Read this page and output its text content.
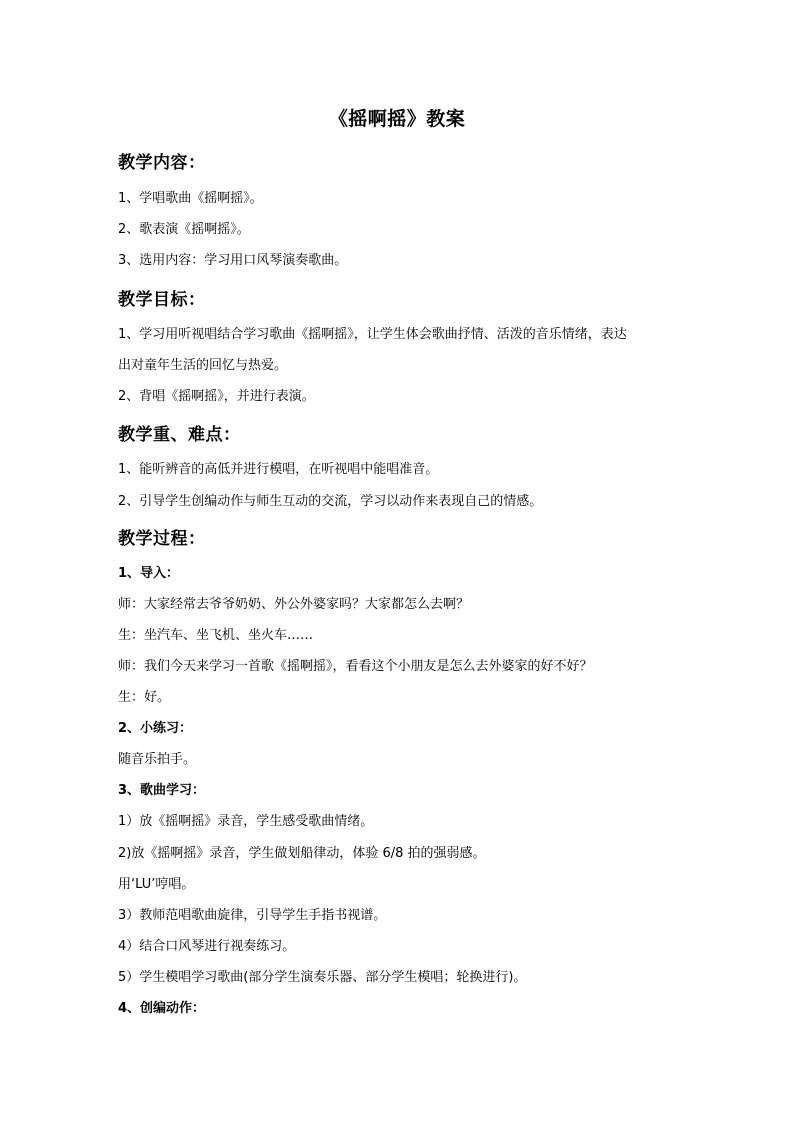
《摇啊摇》教案
教学内容：
1、学唱歌曲《摇啊摇》。
2、歌表演《摇啊摇》。
3、选用内容：学习用口风琴演奏歌曲。
教学目标：
1、学习用听视唱结合学习歌曲《摇啊摇》，让学生体会歌曲抒情、活泼的音乐情绪，表达
出对童年生活的回忆与热爱。
2、背唱《摇啊摇》，并进行表演。
教学重、难点：
1、能听辨音的高低并进行模唱，在听视唱中能唱准音。
2、引导学生创编动作与师生互动的交流，学习以动作来表现自己的情感。
教学过程：
1、导入：
师：大家经常去爷爷奶奶、外公外婆家吗？大家都怎么去啊？
生：坐汽车、坐飞机、坐火车……
师：我们今天来学习一首歌《摇啊摇》，看看这个小朋友是怎么去外婆家的好不好？
生：好。
2、小练习：
随音乐拍手。
3、歌曲学习：
1）放《摇啊摇》录音，学生感受歌曲情绪。
2)放《摇啊摇》录音，学生做划船律动，体验 6/8 拍的强弱感。
用‘LU’哼唱。
3）教师范唱歌曲旋律，引导学生手指书视谱。
4）结合口风琴进行视奏练习。
5）学生模唱学习歌曲(部分学生演奏乐器、部分学生模唱；轮换进行)。
4、创编动作：
